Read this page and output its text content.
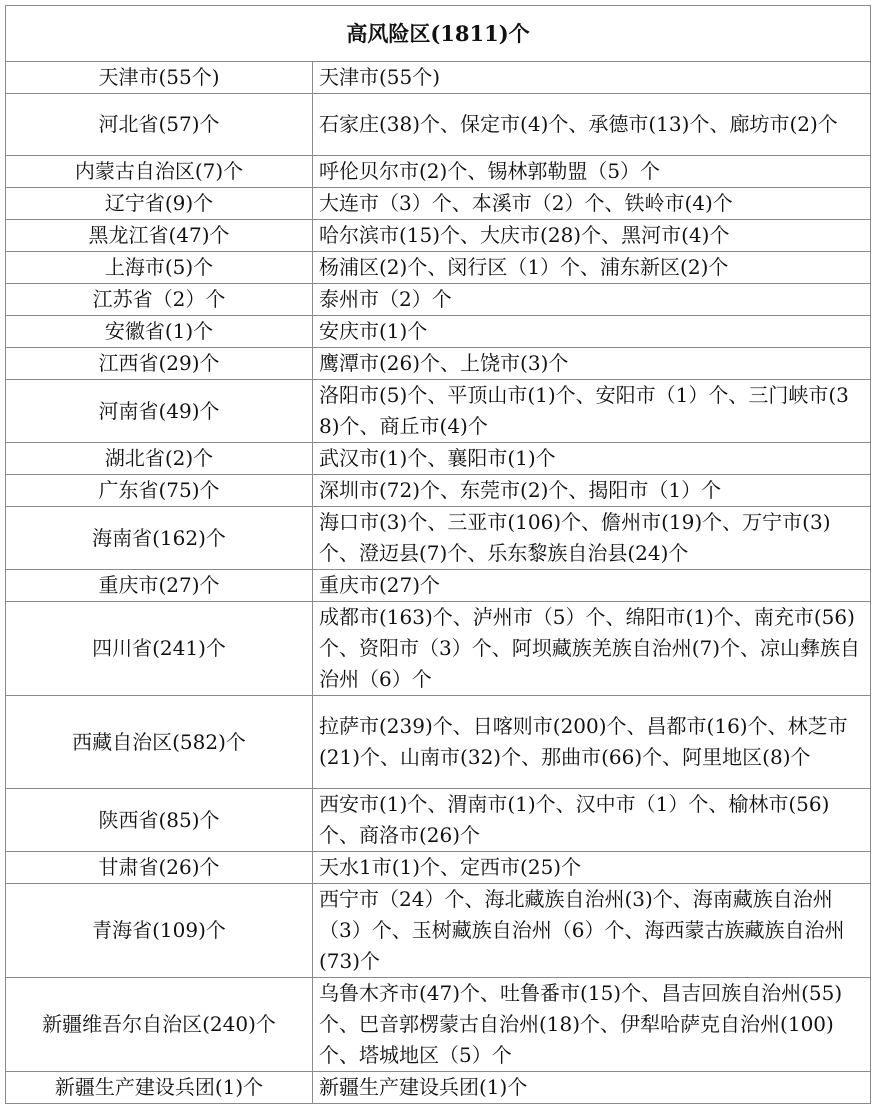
高风险区(1811)个	
天津市(55个)	天津市(55个)
河北省(57)个	石家庄(38)个、保定市(4)个、承德市(13)个、廊坊市(2)个
内蒙古自治区(7)个	呼伦贝尔市(2)个、锡林郭勒盟（5）个
辽宁省(9)个	大连市（3）个、本溪市（2）个、铁岭市(4)个
黑龙江省(47)个	哈尔滨市(15)个、大庆市(28)个、黑河市(4)个
上海市(5)个	杨浦区(2)个、闵行区（1）个、浦东新区(2)个
江苏省（2）个	泰州市（2）个
安徽省(1)个	安庆市(1)个
江西省(29)个	鹰潭市(26)个、上饶市(3)个
河南省(49)个	洛阳市(5)个、平顶山市(1)个、安阳市（1）个、三门峡市(38)个、商丘市(4)个
湖北省(2)个	武汉市(1)个、襄阳市(1)个
广东省(75)个	深圳市(72)个、东莞市(2)个、揭阳市（1）个
海南省(162)个	海口市(3)个、三亚市(106)个、儋州市(19)个、万宁市(3)个、澄迈县(7)个、乐东黎族自治县(24)个
重庆市(27)个	重庆市(27)个
四川省(241)个	成都市(163)个、泸州市（5）个、绵阳市(1)个、南充市(56)个、资阳市（3）个、阿坝藏族羌族自治州(7)个、凉山彝族自治州（6）个
西藏自治区(582)个	拉萨市(239)个、日喀则市(200)个、昌都市(16)个、林芝市(21)个、山南市(32)个、那曲市(66)个、阿里地区(8)个
陕西省(85)个	西安市(1)个、渭南市(1)个、汉中市（1）个、榆林市(56)个、商洛市(26)个
甘肃省(26)个	天水1市(1)个、定西市(25)个
青海省(109)个	西宁市（24）个、海北藏族自治州(3)个、海南藏族自治州（3）个、玉树藏族自治州（6）个、海西蒙古族藏族自治州(73)个
新疆维吾尔自治区(240)个	乌鲁木齐市(47)个、吐鲁番市(15)个、昌吉回族自治州(55)个、巴音郭楞蒙古自治州(18)个、伊犁哈萨克自治州(100)个、塔城地区（5）个
新疆生产建设兵团(1)个	新疆生产建设兵团(1)个
